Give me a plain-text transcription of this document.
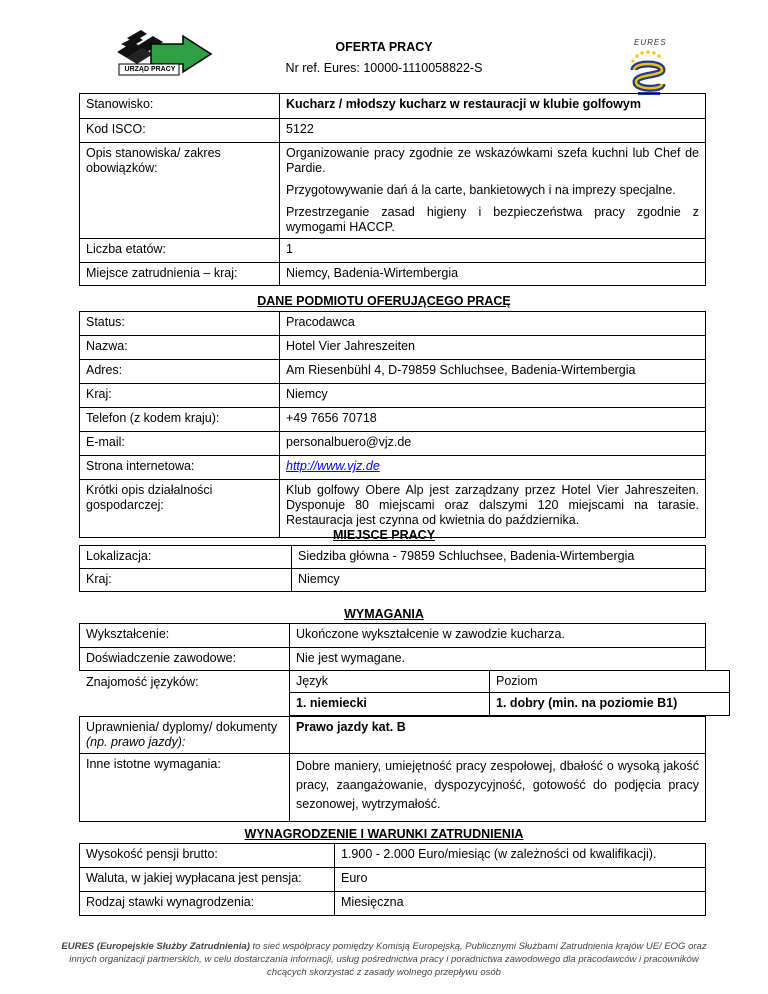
URZĄD PRACY
OFERTA PRACY
Nr ref. Eures: 10000-1110058822-S
EURES
Stanowisko:	Kucharz / młodszy kucharz w restauracji w klubie golfowym
Kod ISCO:	5122
Opis stanowiska/ zakres obowiązków:	Organizowanie pracy zgodnie ze wskazówkami szefa kuchni lub Chef de Pardie.

Przygotowywanie dań á la carte, bankietowych i na imprezy specjalne.

Przestrzeganie zasad higieny i bezpieczeństwa pracy zgodnie z wymogami HACCP.

Liczba etatów:	1
Miejsce zatrudnienia – kraj:	Niemcy, Badenia-Wirtembergia
DANE PODMIOTU OFERUJĄCEGO PRACĘ
Status:	Pracodawca
Nazwa:	Hotel Vier Jahreszeiten
Adres:	Am Riesenbühl 4, D-79859 Schluchsee, Badenia-Wirtembergia
Kraj:	Niemcy
Telefon (z kodem kraju):	+49 7656 70718
E-mail:	personalbuero@vjz.de
Strona internetowa:	http://www.vjz.de
Krótki opis działalności gospodarczej:	Klub golfowy Obere Alp jest zarządzany przez Hotel Vier Jahreszeiten. Dysponuje 80 miejscami oraz dalszymi 120 miejscami na tarasie. Restauracja jest czynna od kwietnia do października.
MIEJSCE PRACY
Lokalizacja:	Siedziba główna - 79859 Schluchsee, Badenia-Wirtembergia
Kraj:	Niemcy
WYMAGANIA
Wykształcenie:	Ukończone wykształcenie w zawodzie kucharza.
Doświadczenie zawodowe:	Nie jest wymagane.
Znajomość języków:	Język	Poziom
1. niemiecki	1. dobry (min. na poziomie B1)
Uprawnienia/ dyplomy/ dokumenty
(np. prawo jazdy):	Prawo jazdy kat. B
Inne istotne wymagania:	Dobre maniery, umiejętność pracy zespołowej, dbałość o wysoką jakość pracy, zaangażowanie, dyspozycyjność, gotowość do podjęcia pracy sezonowej, wytrzymałość.
WYNAGRODZENIE I WARUNKI ZATRUDNIENIA
Wysokość pensji brutto:	1.900 - 2.000 Euro/miesiąc (w zależności od kwalifikacji).
Waluta, w jakiej wypłacana jest pensja:	Euro
Rodzaj stawki wynagrodzenia:	Miesięczna
EURES (Europejskie Służby Zatrudnienia) to sieć współpracy pomiędzy Komisją Europejską, Publicznymi Służbami Zatrudnienia krajów UE/ EOG oraz innych organizacji partnerskich, w celu dostarczania informacji, usług pośrednictwa pracy i poradnictwa zawodowego dla pracodawców i pracowników chcących skorzystać z zasady wolnego przepływu osób
